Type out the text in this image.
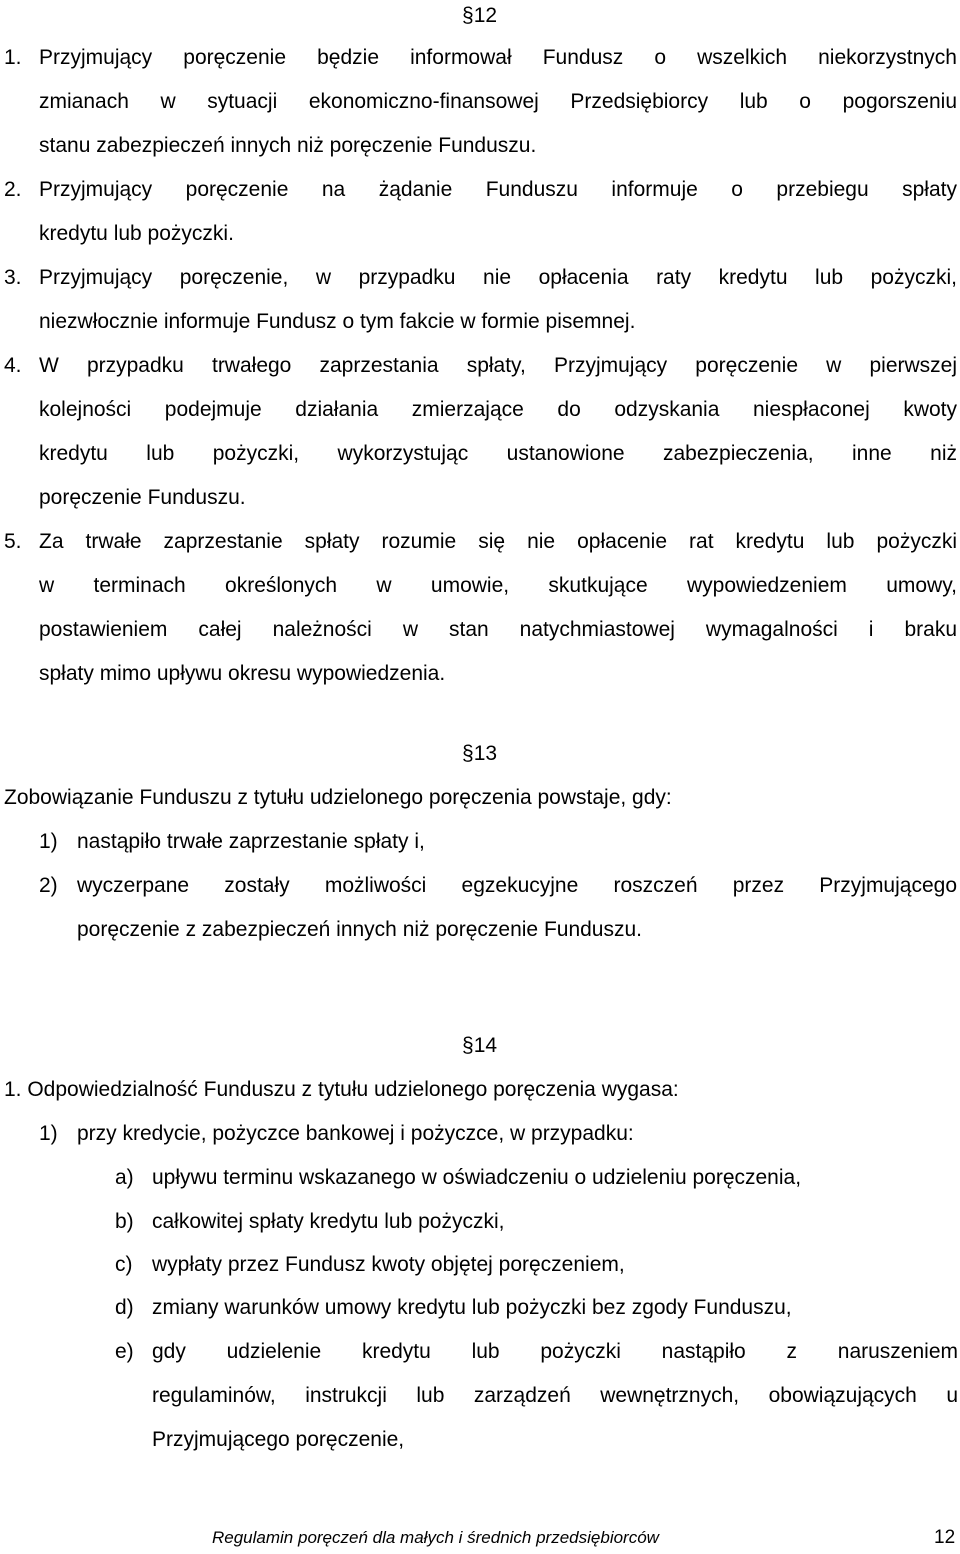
§12
1. Przyjmujący poręczenie będzie informował Fundusz o wszelkich niekorzystnych
zmianach w sytuacji ekonomiczno-finansowej Przedsiębiorcy lub o pogorszeniu
stanu zabezpieczeń innych niż poręczenie Funduszu.
2. Przyjmujący poręczenie na żądanie Funduszu informuje o przebiegu spłaty
kredytu lub pożyczki.
3. Przyjmujący poręczenie, w przypadku nie opłacenia raty kredytu lub pożyczki,
niezwłocznie informuje Fundusz o tym fakcie w formie pisemnej.
4. W przypadku trwałego zaprzestania spłaty, Przyjmujący poręczenie w pierwszej
kolejności podejmuje działania zmierzające do odzyskania niespłaconej kwoty
kredytu lub pożyczki, wykorzystując ustanowione zabezpieczenia, inne niż
poręczenie Funduszu.
5. Za trwałe zaprzestanie spłaty rozumie się nie opłacenie rat kredytu lub pożyczki
w terminach określonych w umowie, skutkujące wypowiedzeniem umowy,
postawieniem całej należności w stan natychmiastowej wymagalności i braku
spłaty mimo upływu okresu wypowiedzenia.
§13
Zobowiązanie Funduszu z tytułu udzielonego poręczenia powstaje, gdy:
1) nastąpiło trwałe zaprzestanie spłaty i,
2) wyczerpane zostały możliwości egzekucyjne roszczeń przez Przyjmującego
poręczenie z zabezpieczeń innych niż poręczenie Funduszu.
§14
1. Odpowiedzialność Funduszu z tytułu udzielonego poręczenia wygasa:
1) przy kredycie, pożyczce bankowej i pożyczce, w przypadku:
a) upływu terminu wskazanego w oświadczeniu o udzieleniu poręczenia,
b) całkowitej spłaty kredytu lub pożyczki,
c) wypłaty przez Fundusz kwoty objętej poręczeniem,
d) zmiany warunków umowy kredytu lub pożyczki bez zgody Funduszu,
e) gdy udzielenie kredytu lub pożyczki nastąpiło z naruszeniem
regulaminów, instrukcji lub zarządzeń wewnętrznych, obowiązujących u
Przyjmującego poręczenie,
Regulamin poręczeń dla małych i średnich przedsiębiorców	12
